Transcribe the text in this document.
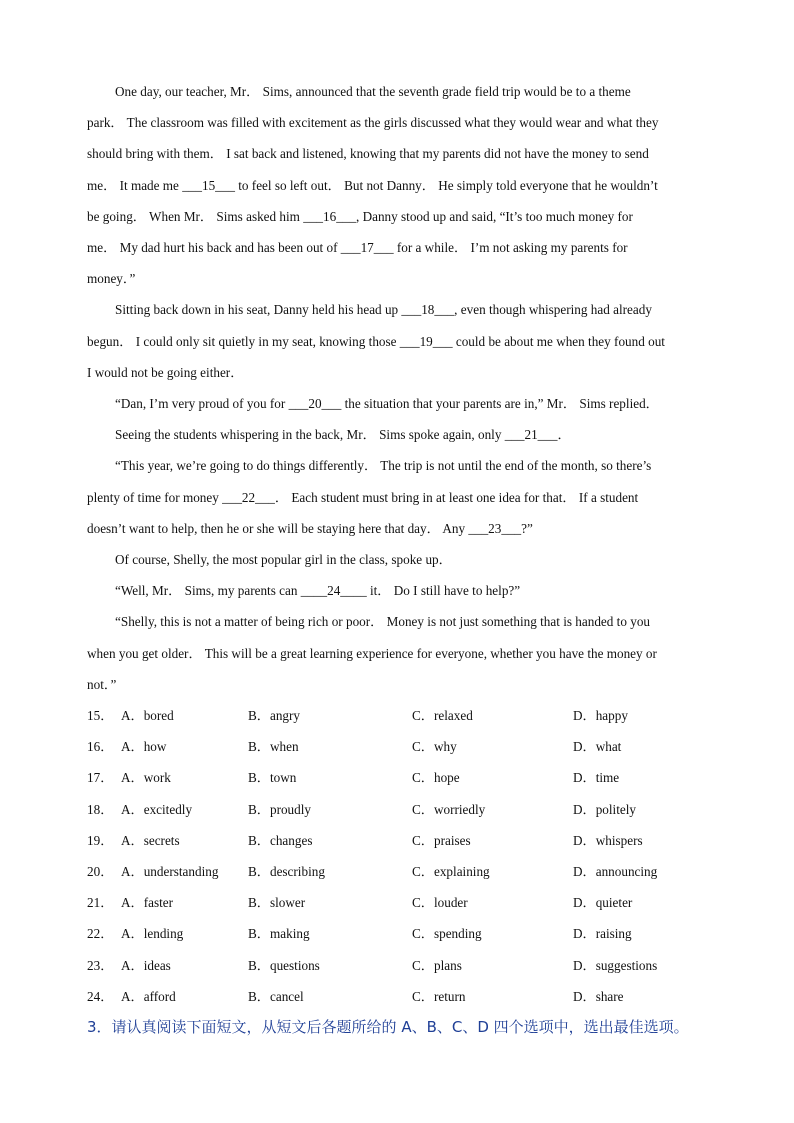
One day, our teacher, Mr． Sims, announced that the seventh grade field trip would be to a theme
park． The classroom was filled with excitement as the girls discussed what they would wear and what they
should bring with them． I sat back and listened, knowing that my parents did not have the money to send
me． It made me ___15___ to feel so left out． But not Danny． He simply told everyone that he wouldn’t
be going． When Mr． Sims asked him ___16___, Danny stood up and said, “It’s too much money for
me． My dad hurt his back and has been out of ___17___ for a while． I’m not asking my parents for
money．”
Sitting back down in his seat, Danny held his head up ___18___, even though whispering had already
begun． I could only sit quietly in my seat, knowing those ___19___ could be about me when they found out
I would not be going either．
“Dan, I’m very proud of you for ___20___ the situation that your parents are in,” Mr． Sims replied．
Seeing the students whispering in the back, Mr． Sims spoke again, only ___21___．
“This year, we’re going to do things differently． The trip is not until the end of the month, so there’s
plenty of time for money ___22___． Each student must bring in at least one idea for that． If a student
doesn’t want to help, then he or she will be staying here that day． Any ___23___?”
Of course, Shelly, the most popular girl in the class, spoke up．
“Well, Mr． Sims, my parents can ____24____ it． Do I still have to help?”
“Shelly, this is not a matter of being rich or poor． Money is not just something that is handed to you
when you get older． This will be a great learning experience for everyone, whether you have the money or
not．”
15． A．bored	B．angry	C．relaxed	D．happy
16． A．how	B．when	C．why	D．what
17． A．work	B．town	C．hope	D．time
18． A．excitedly	B．proudly	C．worriedly	D．politely
19． A．secrets	B．changes	C．praises	D．whispers
20． A．understanding B．describing	C．explaining	D．announcing
21． A．faster	B．slower	C．louder	D．quieter
22． A．lending	B．making	C．spending	D．raising
23． A．ideas	B．questions	C．plans	D．suggestions
24． A．afford	B．cancel	C．return	D．share
3．请认真阅读下面短文，从短文后各题所给的 A、B、C、D 四个选项中，选出最佳选项。
